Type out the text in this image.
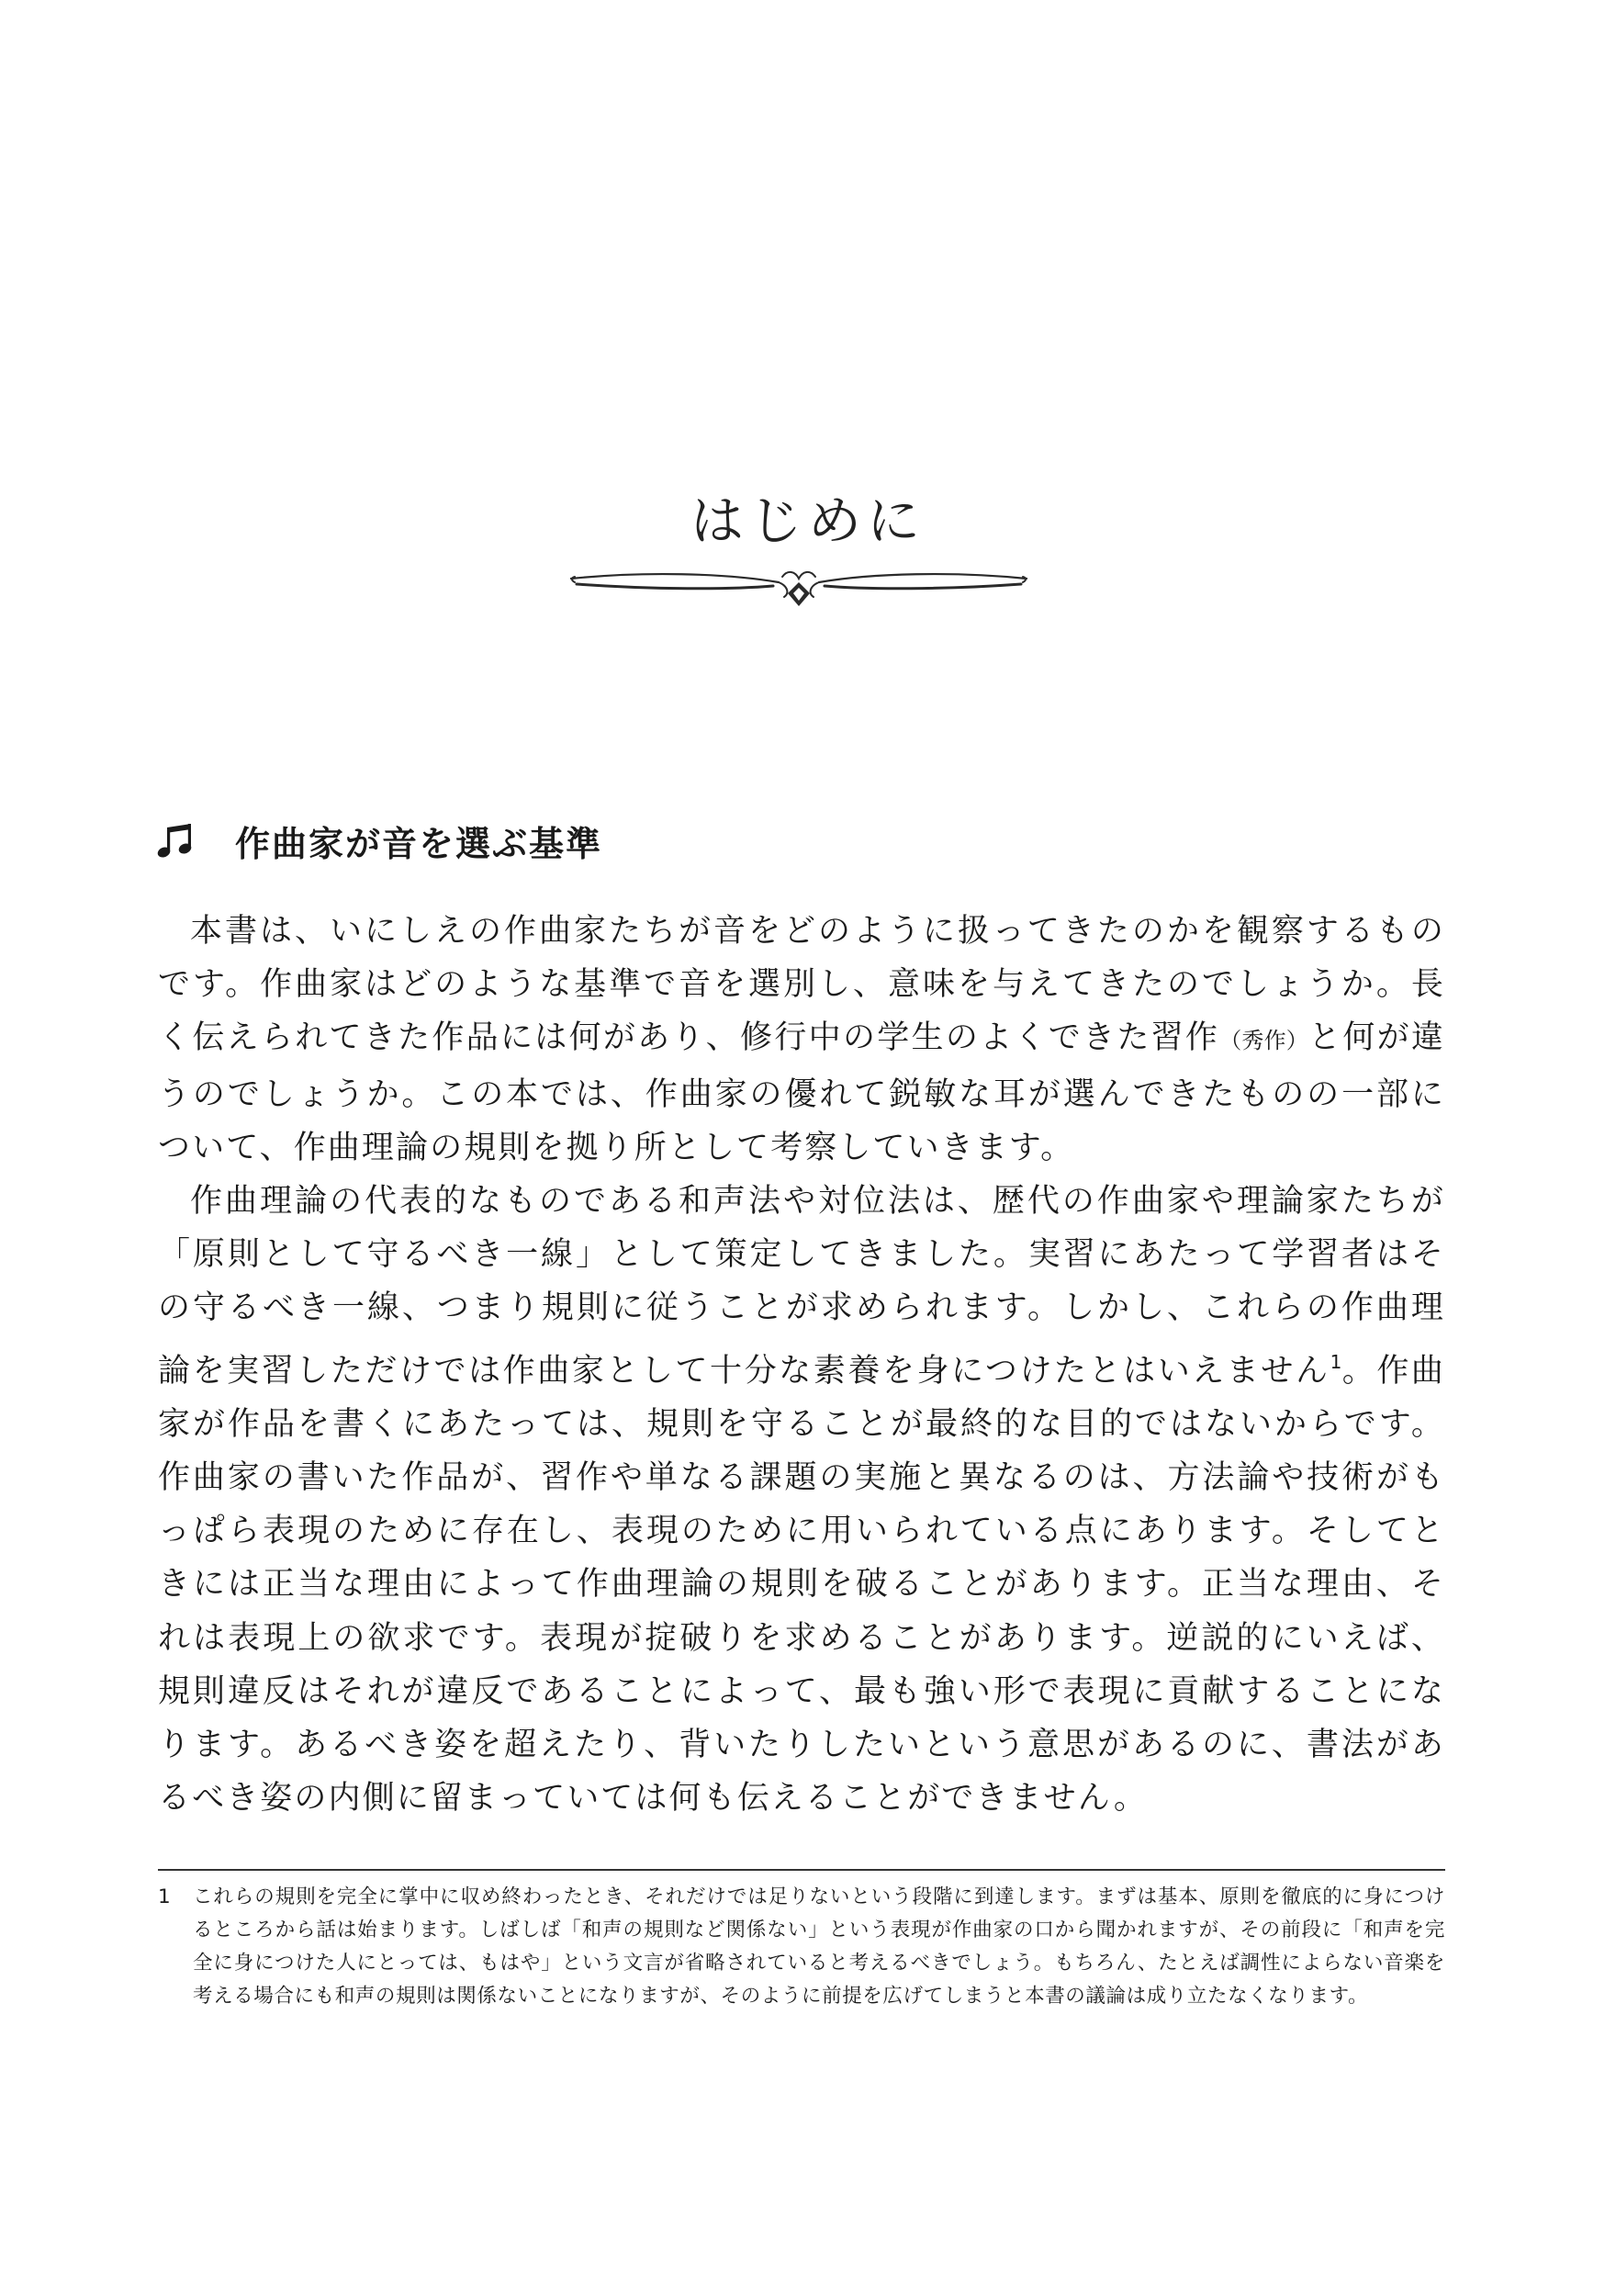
はじめに
作曲家が音を選ぶ基準

本書は、いにしえの作曲家たちが音をどのように扱ってきたのかを観察するものです。作曲家はどのような基準で音を選別し、意味を与えてきたのでしょうか。長く伝えられてきた作品には何があり、修行中の学生のよくできた習作（秀作）と何が違うのでしょうか。この本では、作曲家の優れて鋭敏な耳が選んできたものの一部について、作曲理論の規則を拠り所として考察していきます。

作曲理論の代表的なものである和声法や対位法は、歴代の作曲家や理論家たちが「原則として守るべき一線」として策定してきました。実習にあたって学習者はその守るべき一線、つまり規則に従うことが求められます。しかし、これらの作曲理論を実習しただけでは作曲家として十分な素養を身につけたとはいえません$^1$。作曲家が作品を書くにあたっては、規則を守ることが最終的な目的ではないからです。作曲家の書いた作品が、習作や単なる課題の実施と異なるのは、方法論や技術がもっぱら表現のために存在し、表現のために用いられている点にあります。そしてときには正当な理由によって作曲理論の規則を破ることがあります。正当な理由、それは表現上の欲求です。表現が掟破りを求めることがあります。逆説的にいえば、規則違反はそれが違反であることによって、最も強い形で表現に貢献することになります。あるべき姿を超えたり、背いたりしたいという意思があるのに、書法があるべき姿の内側に留まっていては何も伝えることができません。

1	これらの規則を完全に掌中に収め終わったとき、それだけでは足りないという段階に到達します。まずは基本、原則を徹底的に身につけるところから話は始まります。しばしば「和声の規則など関係ない」という表現が作曲家の口から聞かれますが、その前段に「和声を完全に身につけた人にとっては、もはや」という文言が省略されていると考えるべきでしょう。もちろん、たとえば調性によらない音楽を考える場合にも和声の規則は関係ないことになりますが、そのように前提を広げてしまうと本書の議論は成り立たなくなります。
